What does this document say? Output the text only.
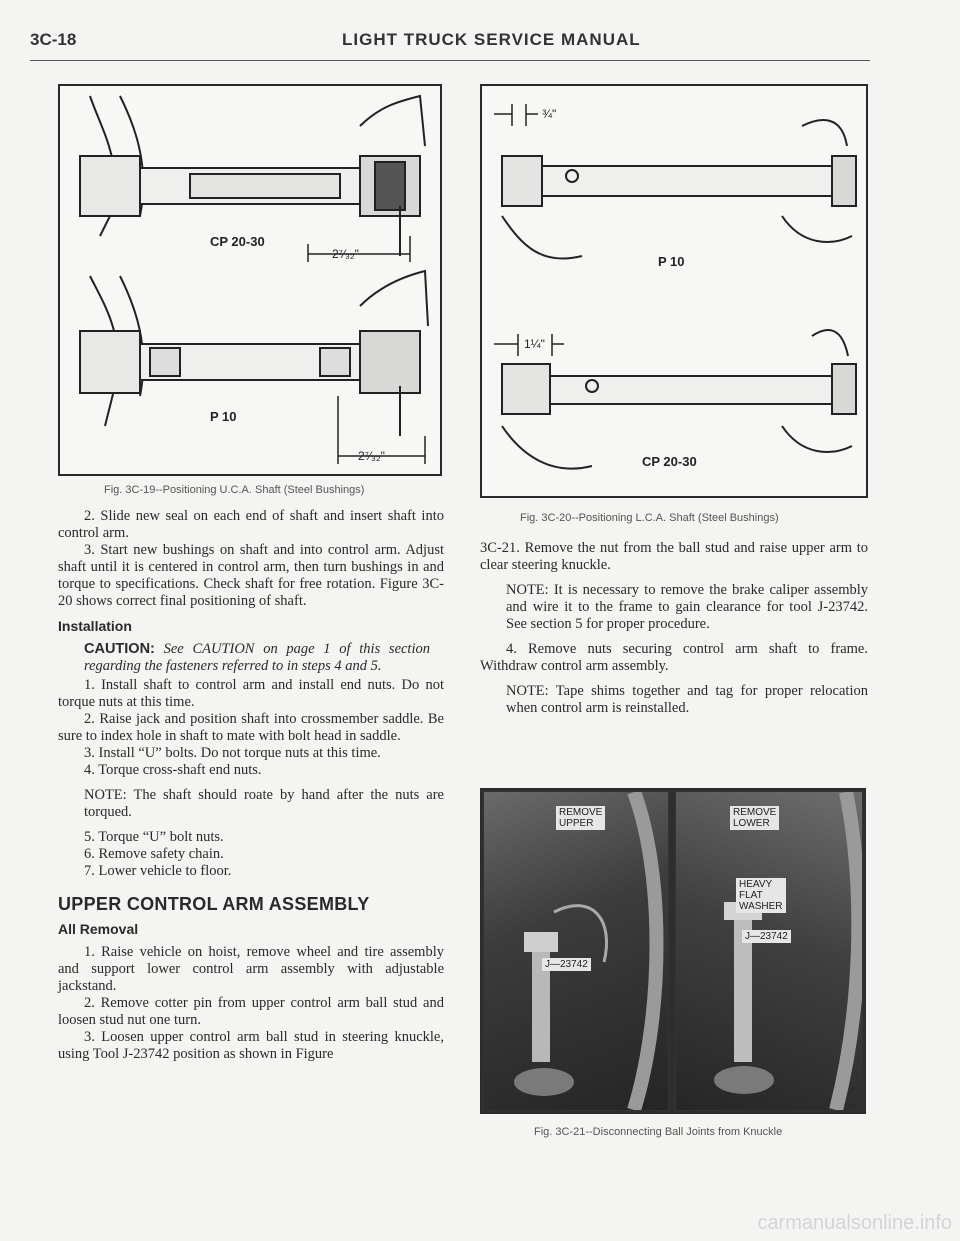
3C-18	LIGHT TRUCK SERVICE MANUAL
CP 20-30
2⁷⁄₃₂"
P 10
2⁷⁄₃₂"
Fig. 3C-19--Positioning U.C.A. Shaft (Steel Bushings)
¾"
P 10
1¼"
CP 20-30
Fig. 3C-20--Positioning L.C.A. Shaft (Steel Bushings)

2. Slide new seal on each end of shaft and insert shaft into control arm.

3. Start new bushings on shaft and into control arm. Adjust shaft until it is centered in control arm, then turn bushings in and torque to specifications. Check shaft for free rotation. Figure 3C-20 shows correct final positioning of shaft.

Installation

CAUTION: See CAUTION on page 1 of this section regarding the fasteners referred to in steps 4 and 5.

1. Install shaft to control arm and install end nuts. Do not torque nuts at this time.

2. Raise jack and position shaft into crossmember saddle. Be sure to index hole in shaft to mate with bolt head in saddle.

3. Install “U” bolts. Do not torque nuts at this time.

4. Torque cross-shaft end nuts.

NOTE: The shaft should roate by hand after the nuts are torqued.

5. Torque “U” bolt nuts.

6. Remove safety chain.

7. Lower vehicle to floor.

UPPER CONTROL ARM ASSEMBLY

All Removal

1. Raise vehicle on hoist, remove wheel and tire assembly and support lower control arm assembly with adjustable jackstand.

2. Remove cotter pin from upper control arm ball stud and loosen stud nut one turn.

3. Loosen upper control arm ball stud in steering knuckle, using Tool J-23742 position as shown in Figure

3C-21. Remove the nut from the ball stud and raise upper arm to clear steering knuckle.

NOTE: It is necessary to remove the brake caliper assembly and wire it to the frame to gain clearance for tool J-23742. See section 5 for proper procedure.

4. Remove nuts securing control arm shaft to frame. Withdraw control arm assembly.

NOTE: Tape shims together and tag for proper relocation when control arm is reinstalled.

REMOVE
UPPER
J—23742
REMOVE
LOWER
HEAVY
FLAT
WASHER
J—23742
Fig. 3C-21--Disconnecting Ball Joints from Knuckle
carmanualsonline.info
